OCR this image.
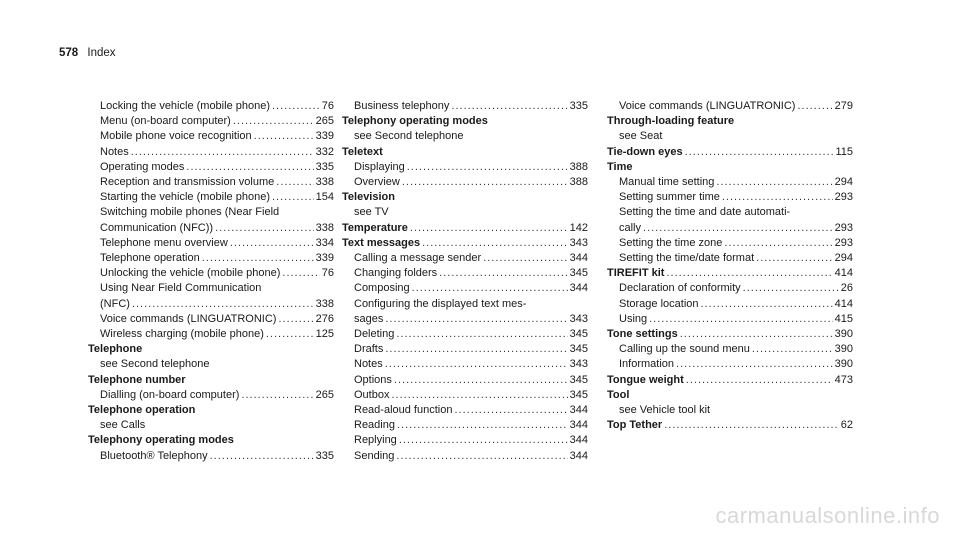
578 Index
Locking the vehicle (mobile phone) .....	76
Menu (on-board computer) .....	265
Mobile phone voice recognition .....	339
Notes .....	332
Operating modes .....	335
Reception and transmission volume .....	338
Starting the vehicle (mobile phone) .....	154
Switching mobile phones (Near Field
Communication (NFC)) .....	338
Telephone menu overview .....	334
Telephone operation .....	339
Unlocking the vehicle (mobile phone) .....	76
Using Near Field Communication
(NFC) .....	338
Voice commands (LINGUATRONIC) .....	276
Wireless charging (mobile phone) .....	125
Telephone
see Second telephone
Telephone number
Dialling (on-board computer) .....	265
Telephone operation
see Calls
Telephony operating modes
Bluetooth® Telephony .....	335
Business telephony .....	335
Telephony operating modes
see Second telephone
Teletext
Displaying .....	388
Overview .....	388
Television
see TV
Temperature .....	142
Text messages .....	343
Calling a message sender .....	344
Changing folders .....	345
Composing .....	344
Configuring the displayed text mes-
sages .....	343
Deleting .....	345
Drafts .....	345
Notes .....	343
Options .....	345
Outbox .....	345
Read-aloud function .....	344
Reading .....	344
Replying .....	344
Sending .....	344
Voice commands (LINGUATRONIC) .....	279
Through-loading feature
see Seat
Tie-down eyes .....	115
Time
Manual time setting .....	294
Setting summer time .....	293
Setting the time and date automati-
cally .....	293
Setting the time zone .....	293
Setting the time/date format .....	294
TIREFIT kit .....	414
Declaration of conformity .....	26
Storage location .....	414
Using .....	415
Tone settings .....	390
Calling up the sound menu .....	390
Information .....	390
Tongue weight .....	473
Tool
see Vehicle tool kit
Top Tether .....	62
carmanualsonline.info
